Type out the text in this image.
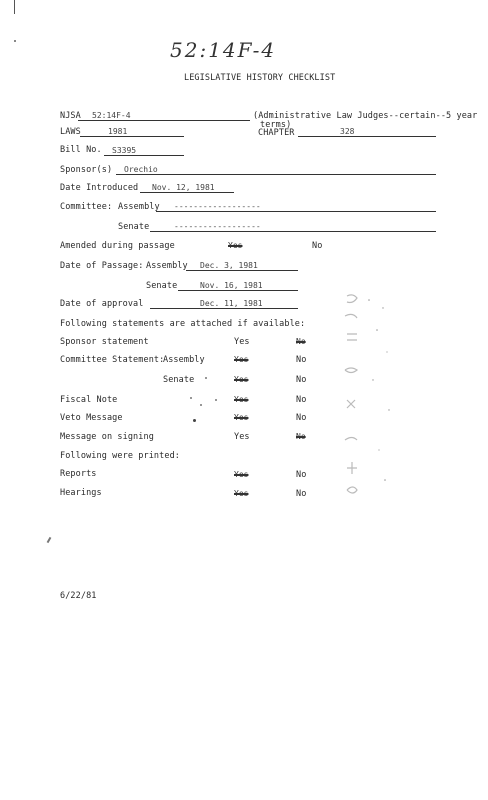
52:14F-4
LEGISLATIVE HISTORY CHECKLIST
NJSA 52:14F-4	(Administrative Law Judges--certain--5 year
terms)
LAWS	1981	CHAPTER	328
Bill No. S3395
Sponsor(s) Orechio
Date Introduced Nov. 12, 1981
Committee: Assembly ------------------
Senate	------------------
Amended during passage	Yes	No
Date of Passage: Assembly Dec. 3, 1981
Senate	Nov. 16, 1981
Date of approval	Dec. 11, 1981
Following statements are attached if available:
Sponsor statement	Yes	No
Committee Statement:
Assembly	Yes	No
Senate	Yes	No
Fiscal Note	Yes	No
Veto Message	Yes	No
Message on signing	Yes	No
Following were printed:
Reports	Yes	No
Hearings	Yes	No
6/22/81
